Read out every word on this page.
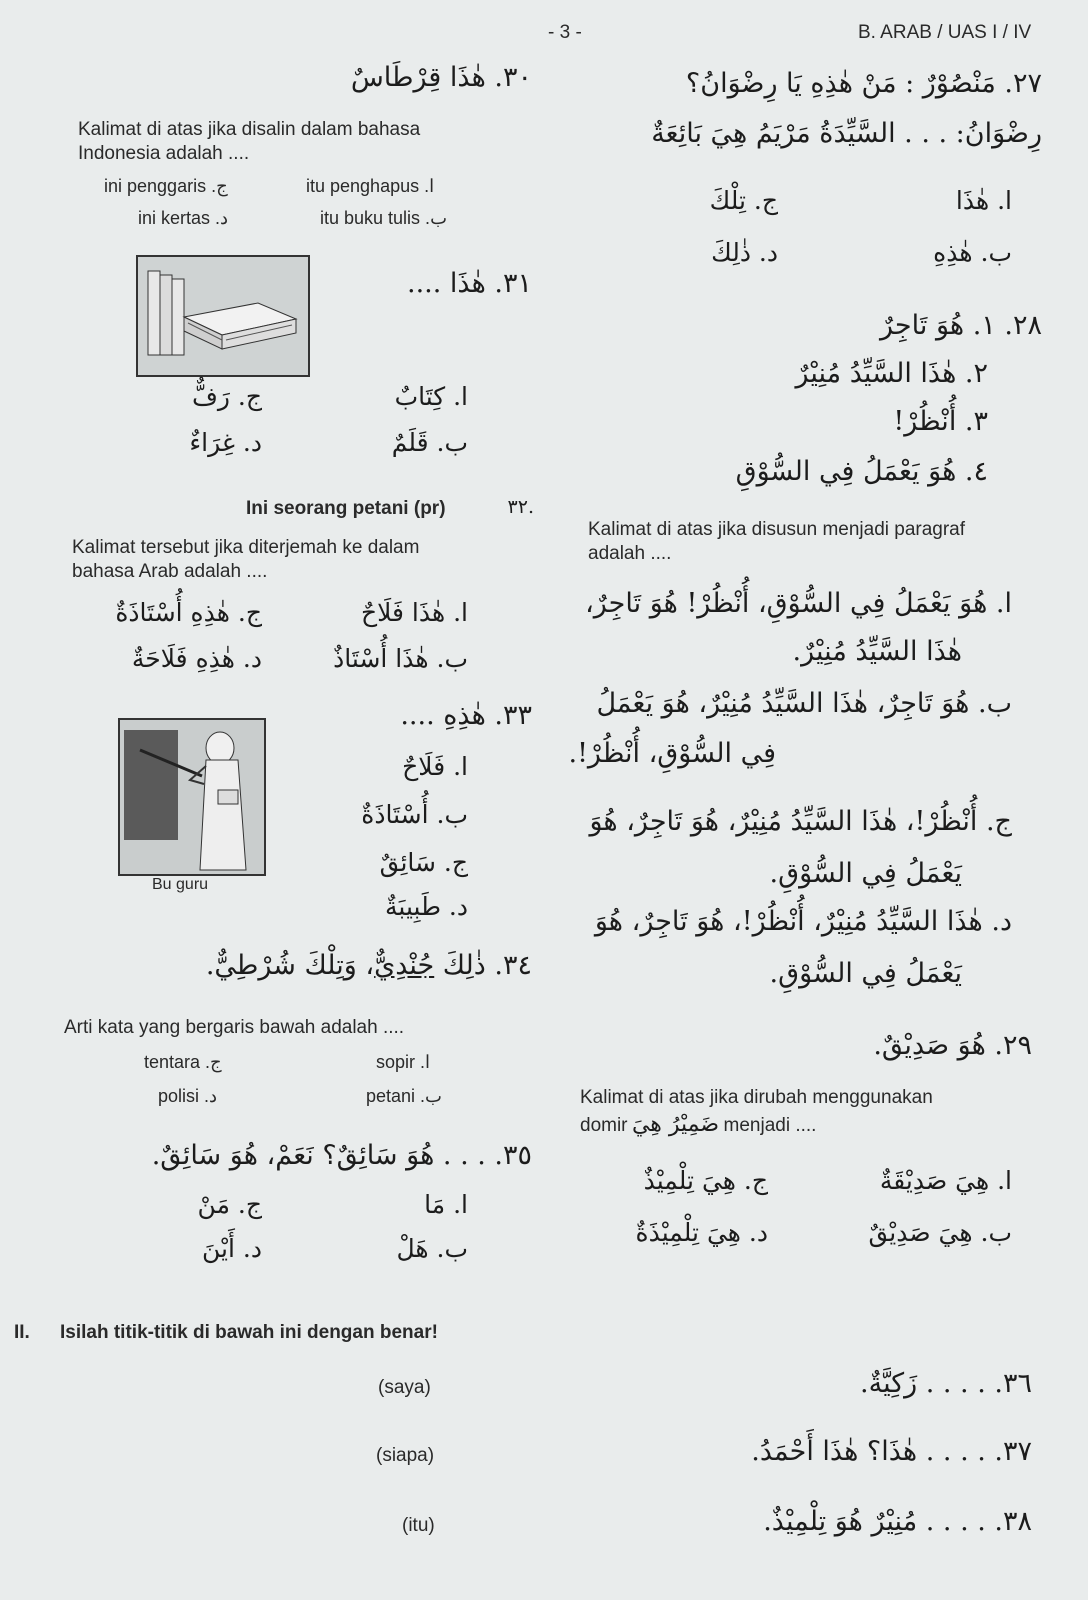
- 3 -	B. ARAB / UAS I / IV
٣٠. هٰذَا قِرْطَاسٌ
Kalimat di atas jika disalin dalam bahasa Indonesia adalah ....
itu penghapus .ا
ini penggaris .ج
itu buku tulis .ب
ini kertas .د
٣١. هٰذَا ....
ا. كِتَابٌ
ج. رَفٌّ
ب. قَلَمٌ
د. غِرَاءٌ
Ini seorang petani (pr)	.٣٢
Kalimat tersebut jika diterjemah ke dalam bahasa Arab adalah ....
ا. هٰذَا فَلَاحٌ
ج. هٰذِهِ أُسْتَاذَةٌ
ب. هٰذَا أُسْتَاذٌ
د. هٰذِهِ فَلَاحَةٌ
Bu guru
٣٣. هٰذِهِ ....
ا. فَلَاحٌ
ب. أُسْتَاذَةٌ
ج. سَائِقٌ
د. طَبِيبَةٌ
٣٤. ذٰلِكَ جُنْدِيٌّ، وَتِلْكَ شُرْطِيٌّ.
Arti kata yang bergaris bawah adalah ....
sopir .ا
tentara .ج
petani .ب
polisi .د
٣٥. . . . هُوَ سَائِقٌ؟ نَعَمْ، هُوَ سَائِقٌ.
ا. مَا
ج. مَنْ
ب. هَلْ
د. أَيْنَ
٢٧. مَنْصُوْرٌ : مَنْ هٰذِهِ يَا رِضْوَانُ؟
رِضْوَانُ: . . . السَّيِّدَةُ مَرْيَمُ هِيَ بَائِعَةٌ
ا. هٰذَا
ج. تِلْكَ
ب. هٰذِهِ
د. ذٰلِكَ
٢٨. ١. هُوَ تَاجِرٌ
٢. هٰذَا السَّيِّدُ مُنِيْرٌ
٣. أُنْظُرْ!
٤. هُوَ يَعْمَلُ فِي السُّوْقِ
Kalimat di atas jika disusun menjadi paragraf adalah ....
ا. هُوَ يَعْمَلُ فِي السُّوْقِ، أُنْظُرْ! هُوَ تَاجِرٌ،
هٰذَا السَّيِّدُ مُنِيْرٌ.
ب. هُوَ تَاجِرٌ، هٰذَا السَّيِّدُ مُنِيْرٌ، هُوَ يَعْمَلُ
فِي السُّوْقِ، أُنْظُرْ!.
ج. أُنْظُرْ!، هٰذَا السَّيِّدُ مُنِيْرٌ، هُوَ تَاجِرٌ، هُوَ
يَعْمَلُ فِي السُّوْقِ.
د. هٰذَا السَّيِّدُ مُنِيْرٌ، أُنْظُرْ!، هُوَ تَاجِرٌ، هُوَ
يَعْمَلُ فِي السُّوْقِ.
٢٩. هُوَ صَدِيْقٌ.
Kalimat di atas jika dirubah menggunakan
domir ضَمِيْرُ هِيَ menjadi ....
ا. هِيَ صَدِيْقَةٌ
ج. هِيَ تِلْمِيْذٌ
ب. هِيَ صَدِيْقٌ
د. هِيَ تِلْمِيْذَةٌ
II. Isilah titik-titik di bawah ini dengan benar!
(saya)	٣٦. . . . . زَكِيَّةٌ.
(siapa)	٣٧. . . . . هٰذَا؟ هٰذَا أَحْمَدُ.
(itu)	٣٨. . . . . مُنِيْرٌ هُوَ تِلْمِيْذٌ.
